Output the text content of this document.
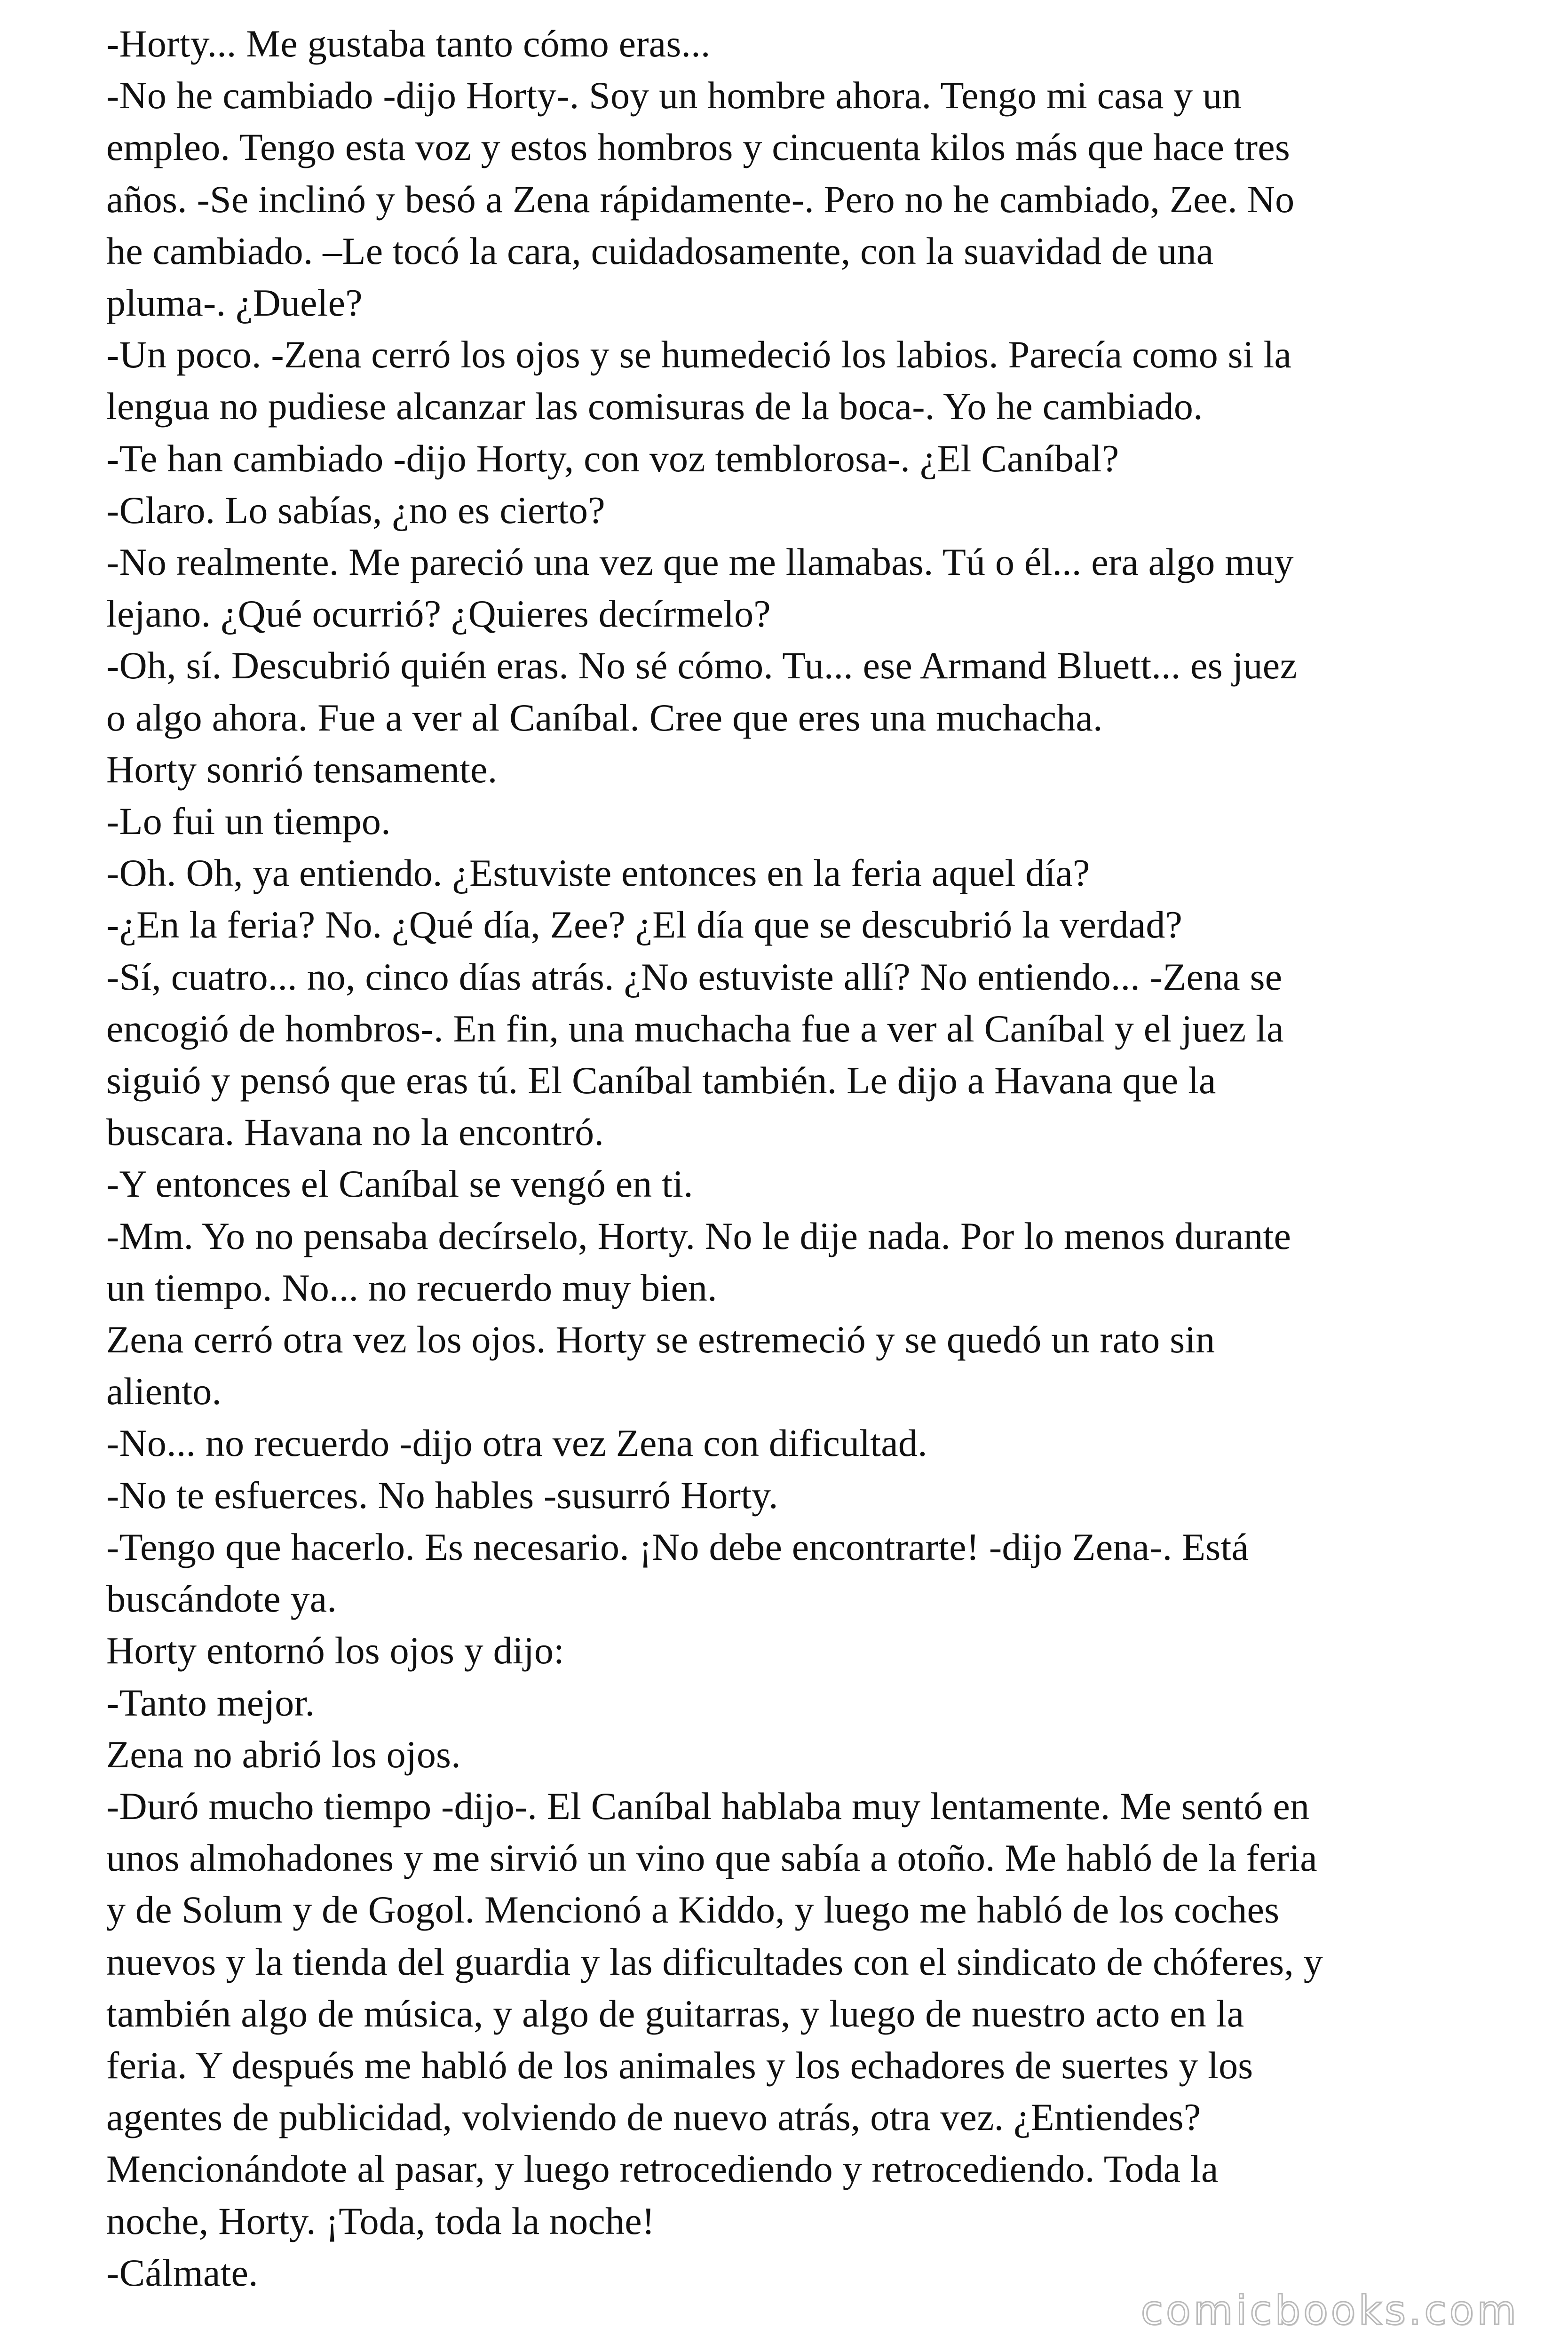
-Horty... Me gustaba tanto cómo eras...
-No he cambiado -dijo Horty-. Soy un hombre ahora. Tengo mi casa y un
empleo. Tengo esta voz y estos hombros y cincuenta kilos más que hace tres
años. -Se inclinó y besó a Zena rápidamente-. Pero no he cambiado, Zee. No
he cambiado. –Le tocó la cara, cuidadosamente, con la suavidad de una
pluma-. ¿Duele?
-Un poco. -Zena cerró los ojos y se humedeció los labios. Parecía como si la
lengua no pudiese alcanzar las comisuras de la boca-. Yo he cambiado.
-Te han cambiado -dijo Horty, con voz temblorosa-. ¿El Caníbal?
-Claro. Lo sabías, ¿no es cierto?
-No realmente. Me pareció una vez que me llamabas. Tú o él... era algo muy
lejano. ¿Qué ocurrió? ¿Quieres decírmelo?
-Oh, sí. Descubrió quién eras. No sé cómo. Tu... ese Armand Bluett... es juez
o algo ahora. Fue a ver al Caníbal. Cree que eres una muchacha.
Horty sonrió tensamente.
-Lo fui un tiempo.
-Oh. Oh, ya entiendo. ¿Estuviste entonces en la feria aquel día?
-¿En la feria? No. ¿Qué día, Zee? ¿El día que se descubrió la verdad?
-Sí, cuatro... no, cinco días atrás. ¿No estuviste allí? No entiendo... -Zena se
encogió de hombros-. En fin, una muchacha fue a ver al Caníbal y el juez la
siguió y pensó que eras tú. El Caníbal también. Le dijo a Havana que la
buscara. Havana no la encontró.
-Y entonces el Caníbal se vengó en ti.
-Mm. Yo no pensaba decírselo, Horty. No le dije nada. Por lo menos durante
un tiempo. No... no recuerdo muy bien.
Zena cerró otra vez los ojos. Horty se estremeció y se quedó un rato sin
aliento.
-No... no recuerdo -dijo otra vez Zena con dificultad.
-No te esfuerces. No hables -susurró Horty.
-Tengo que hacerlo. Es necesario. ¡No debe encontrarte! -dijo Zena-. Está
buscándote ya.
Horty entornó los ojos y dijo:
-Tanto mejor.
Zena no abrió los ojos.
-Duró mucho tiempo -dijo-. El Caníbal hablaba muy lentamente. Me sentó en
unos almohadones y me sirvió un vino que sabía a otoño. Me habló de la feria
y de Solum y de Gogol. Mencionó a Kiddo, y luego me habló de los coches
nuevos y la tienda del guardia y las dificultades con el sindicato de chóferes, y
también algo de música, y algo de guitarras, y luego de nuestro acto en la
feria. Y después me habló de los animales y los echadores de suertes y los
agentes de publicidad, volviendo de nuevo atrás, otra vez. ¿Entiendes?
Mencionándote al pasar, y luego retrocediendo y retrocediendo. Toda la
noche, Horty. ¡Toda, toda la noche!
-Cálmate.
comicbooks.com
